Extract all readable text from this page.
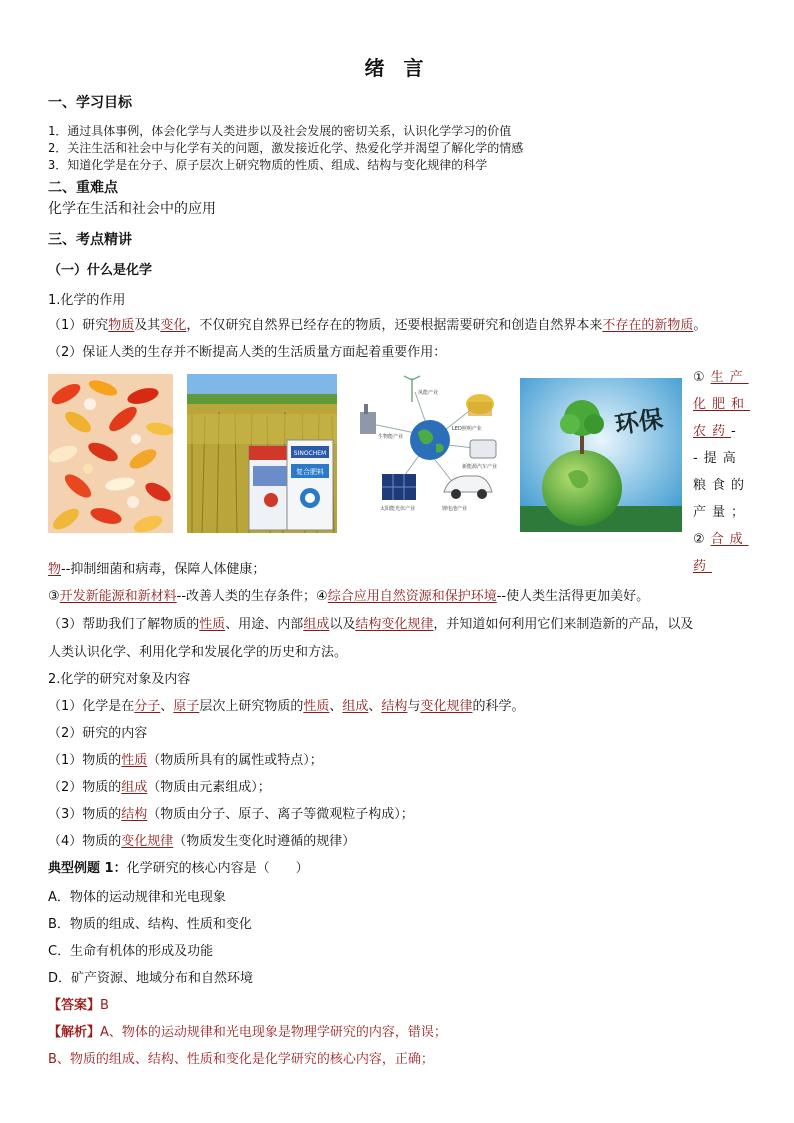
绪 言
一、学习目标
1．通过具体事例，体会化学与人类进步以及社会发展的密切关系，认识化学学习的价值
2．关注生活和社会中与化学有关的问题，激发接近化学、热爱化学并渴望了解化学的情感
3．知道化学是在分子、原子层次上研究物质的性质、组成、结构与变化规律的科学
二、重难点
化学在生活和社会中的应用
三、考点精讲
（一）什么是化学
1.化学的作用
（1）研究物质及其变化，不仅研究自然界已经存在的物质，还要根据需要研究和创造自然界本来不存在的新物质。
（2）保证人类的生存并不断提高人类的生活质量方面起着重要作用：
SINOCHEM
复合肥料
生物能产业
新能源汽车产业
太阳能光伏产业
风能产业
LED照明产业
锂电池产业
环保
①生产化肥和农药--提高粮食的产量；②合成药
物--抑制细菌和病毒，保障人体健康；
③开发新能源和新材料--改善人类的生存条件；④综合应用自然资源和保护环境--使人类生活得更加美好。
（3）帮助我们了解物质的性质、用途、内部组成以及结构变化规律，并知道如何利用它们来制造新的产品，以及
人类认识化学、利用化学和发展化学的历史和方法。
2.化学的研究对象及内容
（1）化学是在分子、原子层次上研究物质的性质、组成、结构与变化规律的科学。
（2）研究的内容
（1）物质的性质（物质所具有的属性或特点）；
（2）物质的组成（物质由元素组成）；
（3）物质的结构（物质由分子、原子、离子等微观粒子构成）；
（4）物质的变化规律（物质发生变化时遵循的规律）
典型例题 1：化学研究的核心内容是（　　）
A．物体的运动规律和光电现象
B．物质的组成、结构、性质和变化
C．生命有机体的形成及功能
D．矿产资源、地域分布和自然环境
【答案】B
【解析】A、物体的运动规律和光电现象是物理学研究的内容，错误；
B、物质的组成、结构、性质和变化是化学研究的核心内容，正确；
